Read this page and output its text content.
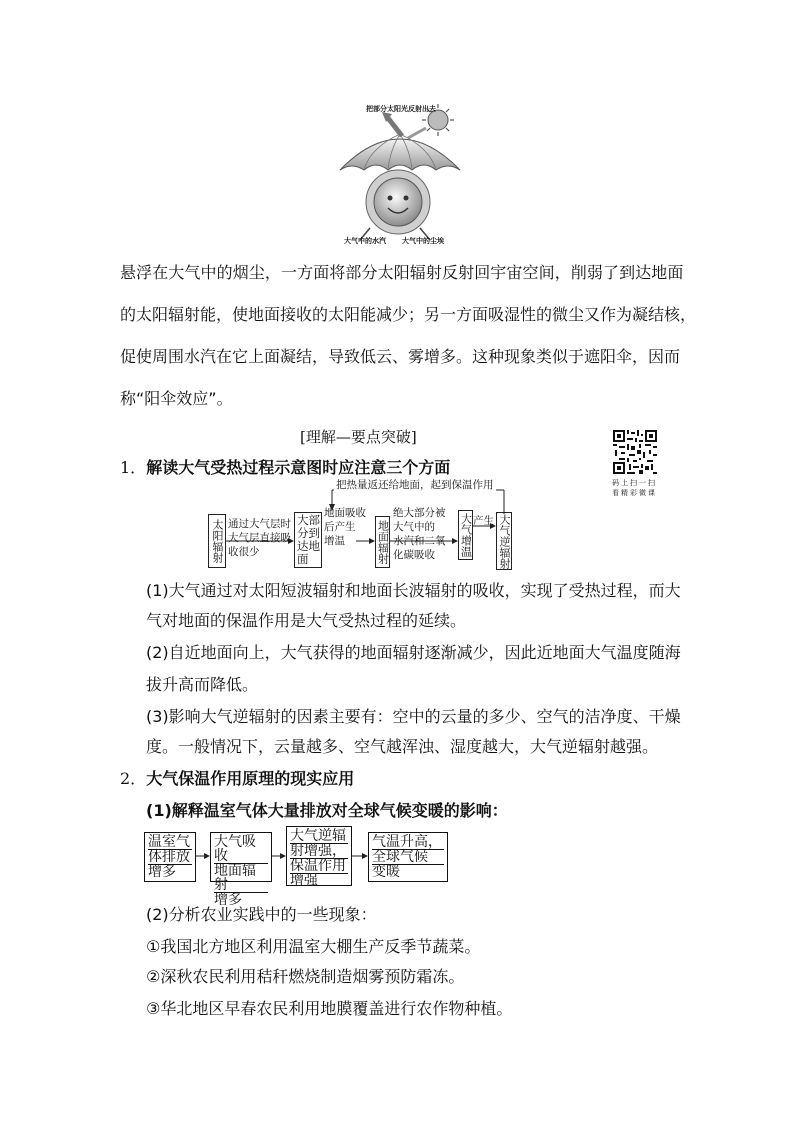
把部分太阳光反射出去
大气中的水汽 大气中的尘埃
悬浮在大气中的烟尘，一方面将部分太阳辐射反射回宇宙空间，削弱了到达地面
的太阳辐射能，使地面接收的太阳能减少；另一方面吸湿性的微尘又作为凝结核，
促使周围水汽在它上面凝结，导致低云、雾增多。这种现象类似于遮阳伞，因而
称“阳伞效应”。
[理解—要点突破]
码上扫一扫
看精彩微课
1．解读大气受热过程示意图时应注意三个方面
把热量返还给地面，起到保温作用
太阳辐射 通过大气层时
大气层直接吸
收很少
大部分到达地面
地面吸收
后产生
增温	地面辐射
绝大部分被
大气中的
水汽和二氧
化碳吸收	大气增温 产生 大气逆辐射
(1)大气通过对太阳短波辐射和地面长波辐射的吸收，实现了受热过程，而大
气对地面的保温作用是大气受热过程的延续。
(2)自近地面向上，大气获得的地面辐射逐渐减少，因此近地面大气温度随海
拔升高而降低。
(3)影响大气逆辐射的因素主要有：空中的云量的多少、空气的洁净度、干燥
度。一般情况下，云量越多、空气越浑浊、湿度越大，大气逆辐射越强。
2．大气保温作用原理的现实应用
(1)解释温室气体大量排放对全球气候变暖的影响：
温室气
体排放
增多
大气吸收
地面辐射
增多
大气逆辐
射增强，
保温作用
增强
气温升高，
全球气候
变暖
(2)分析农业实践中的一些现象：
①我国北方地区利用温室大棚生产反季节蔬菜。
②深秋农民利用秸秆燃烧制造烟雾预防霜冻。
③华北地区早春农民利用地膜覆盖进行农作物种植。
